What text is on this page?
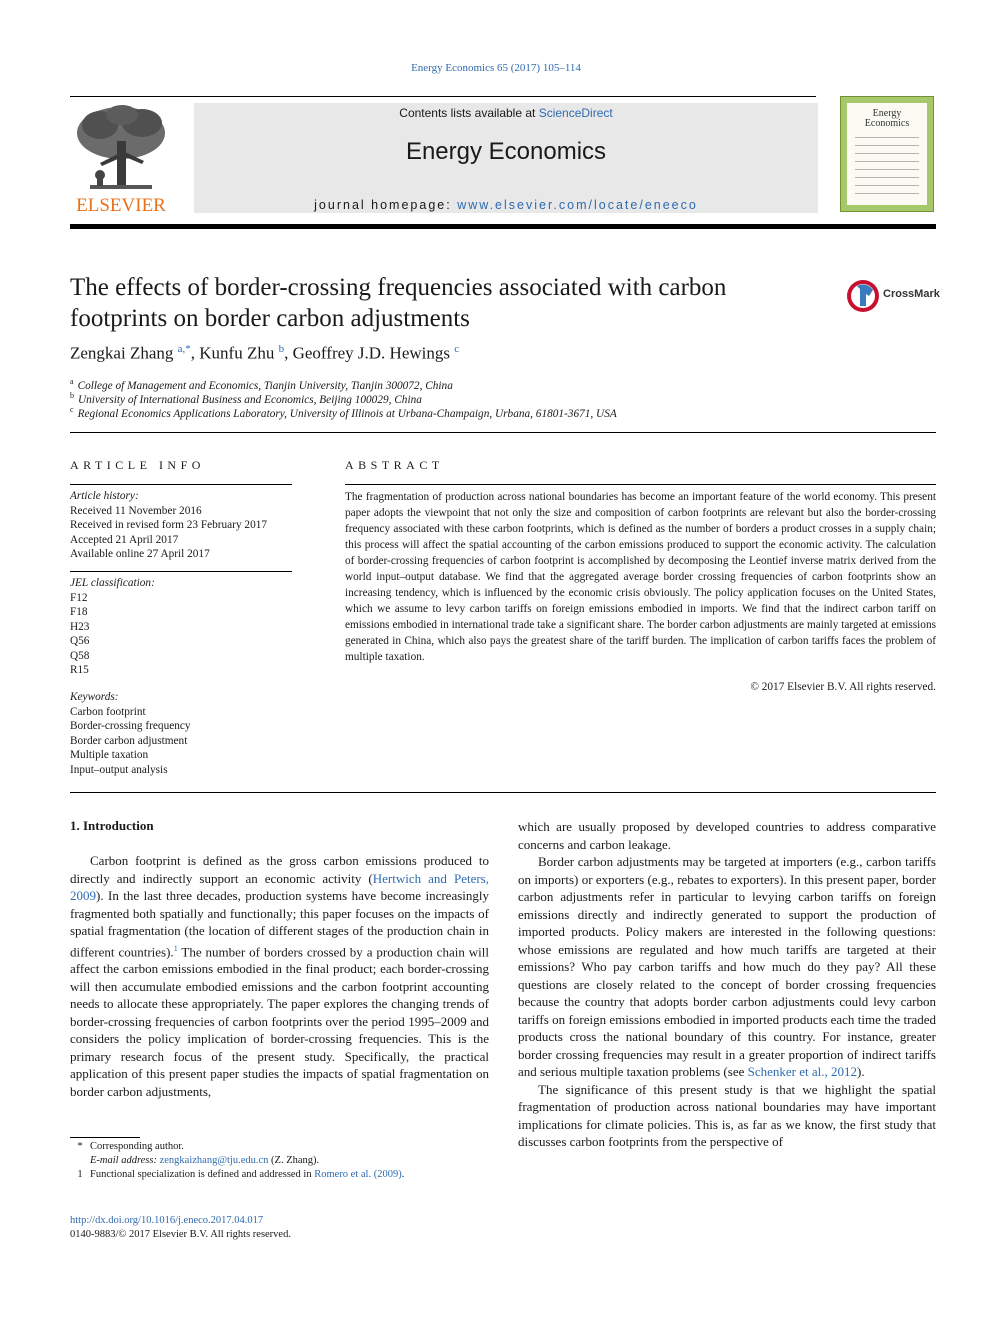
Energy Economics 65 (2017) 105–114
ELSEVIER
Contents lists available at ScienceDirect
Energy Economics
journal homepage: www.elsevier.com/locate/eneeco
Energy
Economics
The effects of border-crossing frequencies associated with carbon footprints on border carbon adjustments
CrossMark
Zengkai Zhang $^{a,*}$, Kunfu Zhu $^b$, Geoffrey J.D. Hewings $^c$
$^a$ College of Management and Economics, Tianjin University, Tianjin 300072, China
$^b$ University of International Business and Economics, Beijing 100029, China
$^c$ Regional Economics Applications Laboratory, University of Illinois at Urbana-Champaign, Urbana, 61801-3671, USA
ARTICLE INFO
Article history:
Received 11 November 2016
Received in revised form 23 February 2017
Accepted 21 April 2017
Available online 27 April 2017
JEL classification:
F12
F18
H23
Q56
Q58
R15
Keywords:
Carbon footprint
Border-crossing frequency
Border carbon adjustment
Multiple taxation
Input–output analysis
ABSTRACT
The fragmentation of production across national boundaries has become an important feature of the world economy. This present paper adopts the viewpoint that not only the size and composition of carbon footprints are relevant but also the border-crossing frequency associated with these carbon footprints, which is defined as the number of borders a product crosses in a supply chain; this process will affect the spatial accounting of the carbon emissions produced to support the economic activity. The calculation of border-crossing frequencies of carbon footprint is accomplished by decomposing the Leontief inverse matrix derived from the world input–output database. We find that the aggregated average border crossing frequencies of carbon footprints show an increasing tendency, which is influenced by the economic crisis obviously. The policy application focuses on the United States, which we assume to levy carbon tariffs on foreign emissions embodied in imports. We find that the indirect carbon tariff on emissions embodied in international trade take a significant share. The border carbon adjustments are mainly targeted at emissions generated in China, which also pays the greatest share of the tariff burden. The implication of carbon tariffs faces the problem of multiple taxation.
© 2017 Elsevier B.V. All rights reserved.
1. Introduction

Carbon footprint is defined as the gross carbon emissions produced to directly and indirectly support an economic activity (Hertwich and Peters, 2009). In the last three decades, production systems have become increasingly fragmented both spatially and functionally; this paper focuses on the impacts of spatial fragmentation (the location of different stages of the production chain in different countries).$^1$ The number of borders crossed by a production chain will affect the carbon emissions embodied in the final product; each border-crossing will then accumulate embodied emissions and the carbon footprint accounting needs to allocate these appropriately. The paper explores the changing trends of border-crossing frequencies of carbon footprints over the period 1995–2009 and considers the policy implication of border-crossing frequencies. This is the primary research focus of the present study. Specifically, the practical application of this present paper studies the impacts of spatial fragmentation on border carbon adjustments,

which are usually proposed by developed countries to address comparative concerns and carbon leakage.

Border carbon adjustments may be targeted at importers (e.g., carbon tariffs on imports) or exporters (e.g., rebates to exporters). In this present paper, border carbon adjustments refer in particular to levying carbon tariffs on foreign emissions directly and indirectly generated to support the production of imported products. Policy makers are interested in the following questions: whose emissions are regulated and how much tariffs are targeted at their emissions? Who pay carbon tariffs and how much do they pay? All these questions are closely related to the concept of border crossing frequencies because the country that adopts border carbon adjustments could levy carbon tariffs on foreign emissions embodied in imported products each time the traded products cross the national boundary of this country. For instance, greater border crossing frequencies may result in a greater proportion of indirect tariffs and serious multiple taxation problems (see Schenker et al., 2012).

The significance of this present study is that we highlight the spatial fragmentation of production across national boundaries may have important implications for climate policies. This is, as far as we know, the first study that discusses carbon footprints from the perspective of

* Corresponding author.
E-mail address: zengkaizhang@tju.edu.cn (Z. Zhang).
1 Functional specialization is defined and addressed in Romero et al. (2009).
http://dx.doi.org/10.1016/j.eneco.2017.04.017
0140-9883/© 2017 Elsevier B.V. All rights reserved.
